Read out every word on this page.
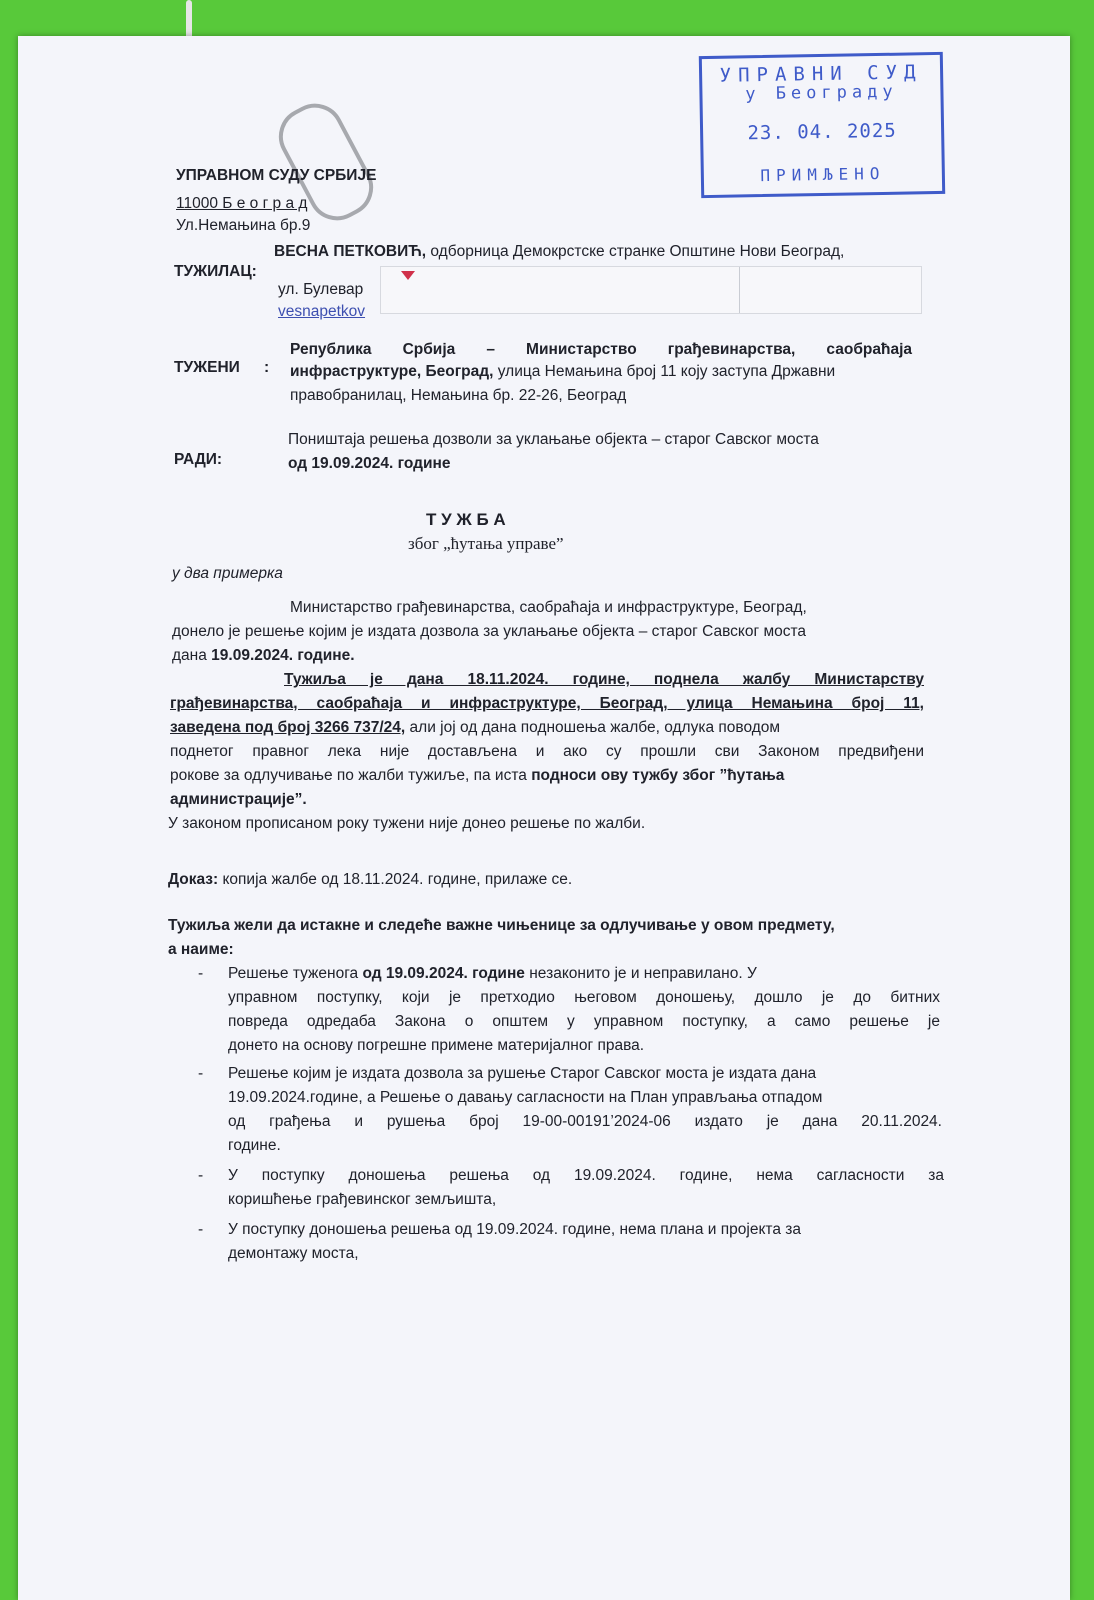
УПРАВНИ СУД
у Београду
23. 04. 2025
ПРИМЉЕНО
УПРАВНОМ СУДУ СРБИЈЕ
11000 Б е о г р а д
Ул.Немањина бр.9
ТУЖИЛАЦ:
ВЕСНА ПЕТКОВИЋ, одборница Демокрстске странке Општине Нови Београд,
ул. Булевар
vesnapetkov
ТУЖЕНИ :
Република Србија – Министарство грађевинарства, саобраћаја
инфраструктуре, Београд, улица Немањина број 11 коју заступа Државни
правобранилац, Немањина бр. 22-26, Београд
РАДИ:
Поништаја решења дозволи за уклањање објекта – старог Савског моста
од 19.09.2024. године
Т У Ж Б А
због „ћутања управе”
у два примерка
Министарство грађевинарства, саобраћаја и инфраструктуре, Београд,
донело је решење којим је издата дозвола за уклањање објекта – старог Савског моста
дана 19.09.2024. године.
Тужиља је дана 18.11.2024. године, поднела жалбу Министарству
грађевинарства, саобраћаја и инфраструктуре, Београд, улица Немањина број 11,
заведена под број 3266 737/24, али јој од дана подношења жалбе, одлука поводом
поднетог правног лека није достављена и ако су прошли сви Законом предвиђени
рокове за одлучивање по жалби тужиље, па иста подноси ову тужбу због ”ћутања
администрације”.
У законом прописаном року тужени није донео решење по жалби.
Доказ: копија жалбе од 18.11.2024. године, прилаже се.
Тужиља жели да истакне и следеће важне чињенице за одлучивање у овом предмету,
а наиме:
- Решење туженога од 19.09.2024. године незаконито је и неправилано. У
управном поступку, који је претходио његовом доношењу, дошло је до битних
повреда одредаба Закона о општем у управном поступку, а само решење је
донето на основу погрешне примене материјалног права.
- Решење којим је издата дозвола за рушење Старог Савског моста је издата дана
19.09.2024.године, а Решење о давању сагласности на План управљања отпадом
од грађења и рушења број 19-00-00191’2024-06 издато је дана 20.11.2024.
године.
- У поступку доношења решења од 19.09.2024. године, нема сагласности за
коришћење грађевинског земљишта,
- У поступку доношења решења од 19.09.2024. године, нема плана и пројекта за
демонтажу моста,
